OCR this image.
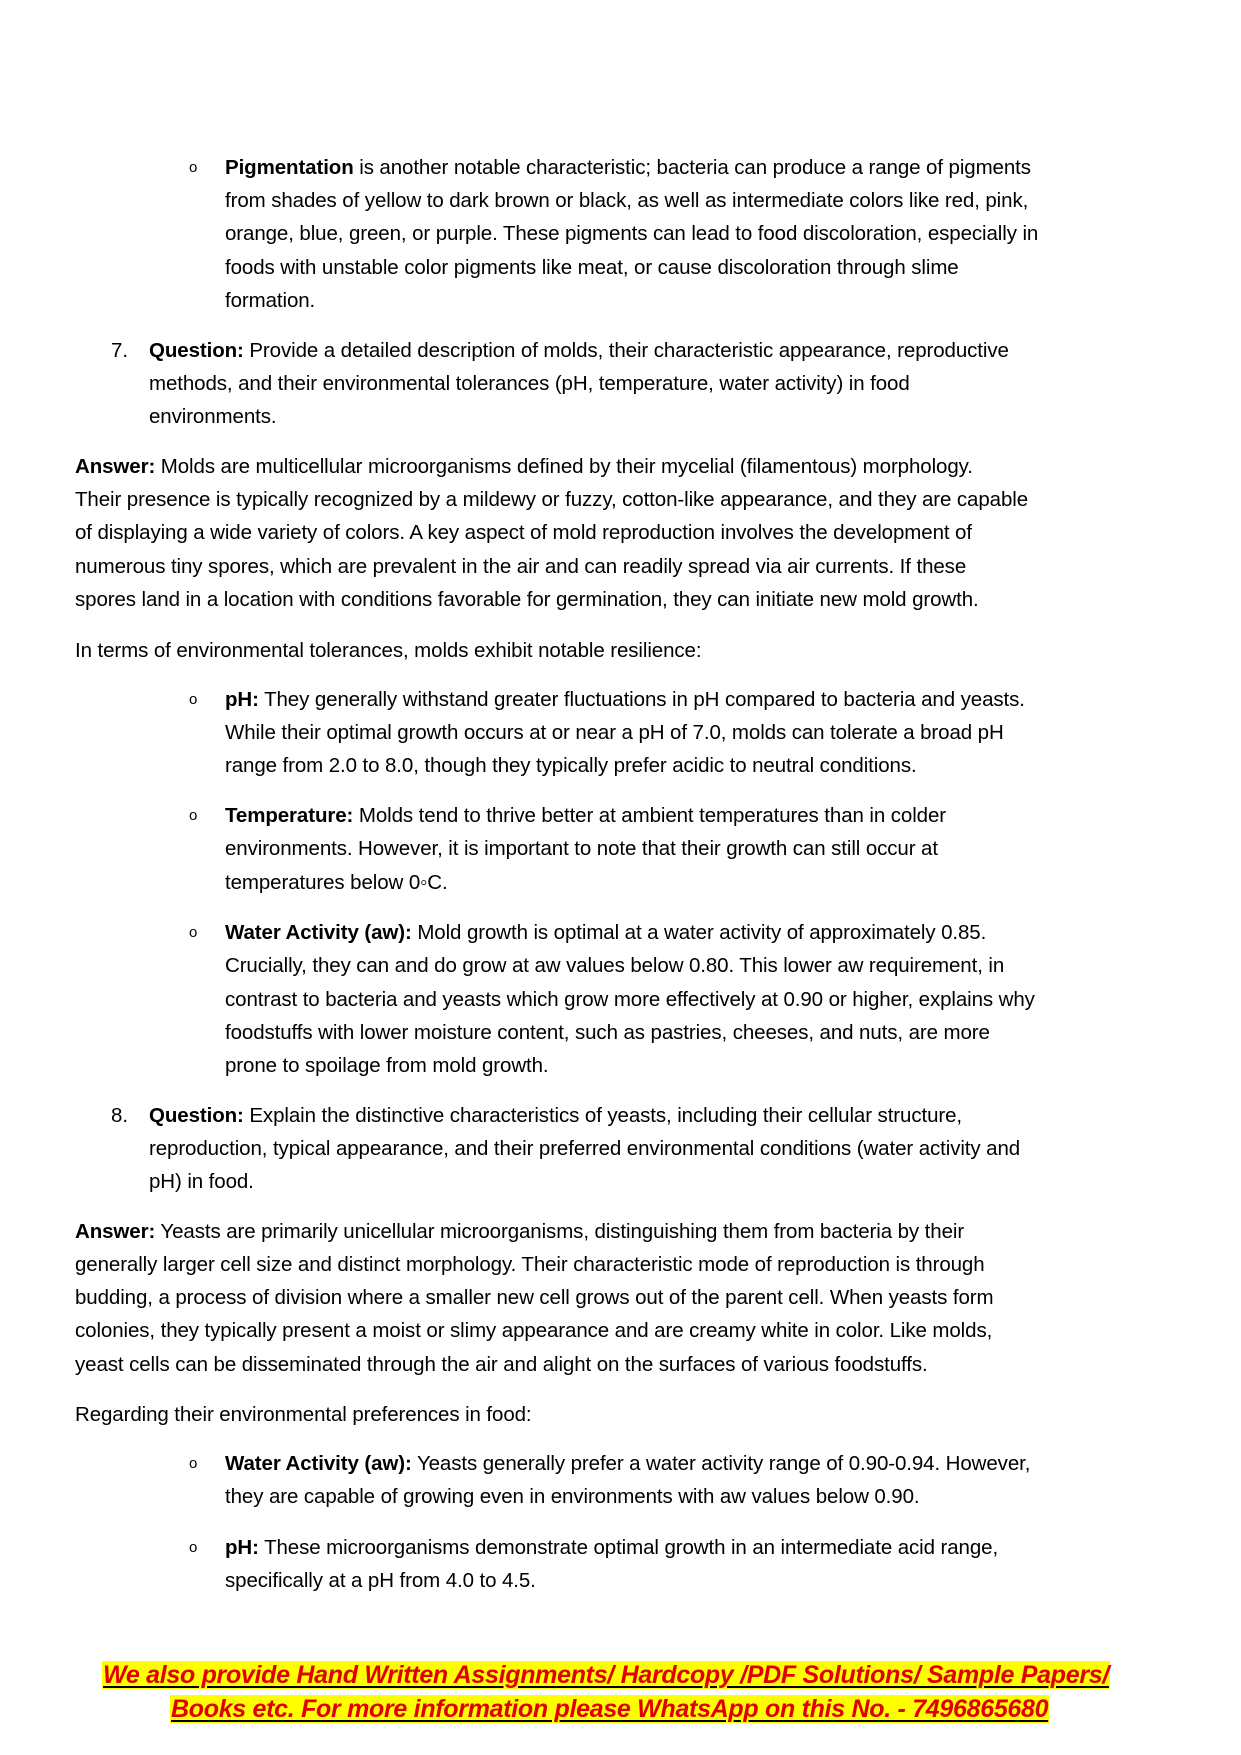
o Pigmentation is another notable characteristic; bacteria can produce a range of pigments
from shades of yellow to dark brown or black, as well as intermediate colors like red, pink,
orange, blue, green, or purple. These pigments can lead to food discoloration, especially in
foods with unstable color pigments like meat, or cause discoloration through slime
formation.
7. Question: Provide a detailed description of molds, their characteristic appearance, reproductive
methods, and their environmental tolerances (pH, temperature, water activity) in food
environments.
Answer: Molds are multicellular microorganisms defined by their mycelial (filamentous) morphology.
Their presence is typically recognized by a mildewy or fuzzy, cotton-like appearance, and they are capable
of displaying a wide variety of colors. A key aspect of mold reproduction involves the development of
numerous tiny spores, which are prevalent in the air and can readily spread via air currents. If these
spores land in a location with conditions favorable for germination, they can initiate new mold growth.
In terms of environmental tolerances, molds exhibit notable resilience:
o pH: They generally withstand greater fluctuations in pH compared to bacteria and yeasts.
While their optimal growth occurs at or near a pH of 7.0, molds can tolerate a broad pH
range from 2.0 to 8.0, though they typically prefer acidic to neutral conditions.
o Temperature: Molds tend to thrive better at ambient temperatures than in colder
environments. However, it is important to note that their growth can still occur at
temperatures below 0◦C.
o Water Activity (aw): Mold growth is optimal at a water activity of approximately 0.85.
Crucially, they can and do grow at aw values below 0.80. This lower aw requirement, in
contrast to bacteria and yeasts which grow more effectively at 0.90 or higher, explains why
foodstuffs with lower moisture content, such as pastries, cheeses, and nuts, are more
prone to spoilage from mold growth.
8. Question: Explain the distinctive characteristics of yeasts, including their cellular structure,
reproduction, typical appearance, and their preferred environmental conditions (water activity and
pH) in food.
Answer: Yeasts are primarily unicellular microorganisms, distinguishing them from bacteria by their
generally larger cell size and distinct morphology. Their characteristic mode of reproduction is through
budding, a process of division where a smaller new cell grows out of the parent cell. When yeasts form
colonies, they typically present a moist or slimy appearance and are creamy white in color. Like molds,
yeast cells can be disseminated through the air and alight on the surfaces of various foodstuffs.
Regarding their environmental preferences in food:
o Water Activity (aw): Yeasts generally prefer a water activity range of 0.90-0.94. However,
they are capable of growing even in environments with aw values below 0.90.
o pH: These microorganisms demonstrate optimal growth in an intermediate acid range,
specifically at a pH from 4.0 to 4.5.
We also provide Hand Written Assignments/ Hardcopy /PDF Solutions/ Sample Papers/
Books etc. For more information please WhatsApp on this No. - 7496865680
